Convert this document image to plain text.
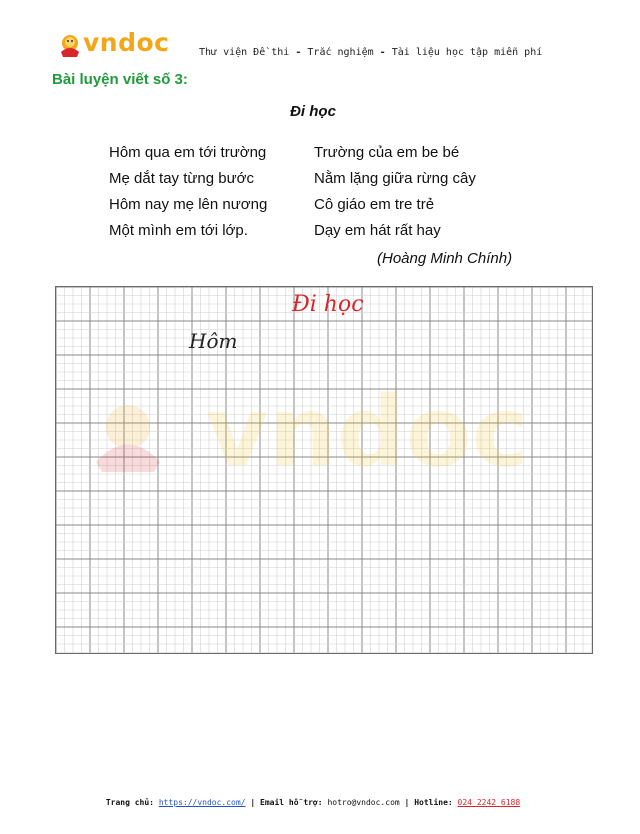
vndoc	Thư viện Đề thi - Trắc nghiệm - Tài liệu học tập miễn phí
Bài luyện viết số 3:
Đi học
Hôm qua em tới trường
Mẹ dắt tay từng bước
Hôm nay mẹ lên nương
Một mình em tới lớp.
Trường của em be bé
Nằm lặng giữa rừng cây
Cô giáo em tre trẻ
Dạy em hát rất hay
(Hoàng Minh Chính)
vndoc
Đi học
Hôm
Trang chủ: https://vndoc.com/ | Email hỗ trợ: hotro@vndoc.com | Hotline: 024 2242 6188
